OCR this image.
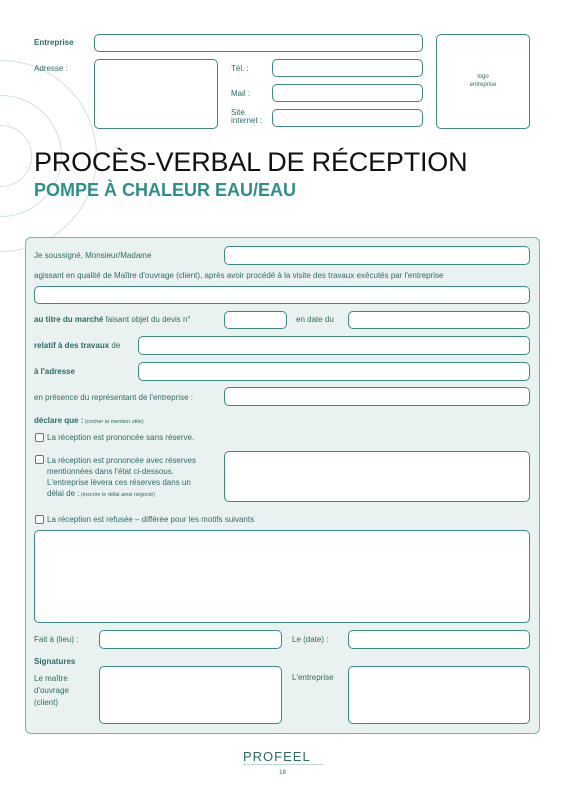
Entreprise
Adresse :	Tél. :
Mail :
Site
internet :
logo
entreprise
PROCÈS-VERBAL DE RÉCEPTION
POMPE À CHALEUR EAU/EAU
Je soussigné, Monsieur/Madame
agissant en qualité de Maître d'ouvrage (client), après avoir procédé à la visite des travaux exécutés par l'entreprise
au titre du marché faisant objet du devis n°	en date du
relatif à des travaux de
à l'adresse
en présence du représentant de l'entreprise :
déclare que : (cocher la mention utile)
La réception est prononcée sans réserve.
La réception est prononcée avec réserves
mentionnées dans l'état ci-dessous.
L'entreprise lèvera ces réserves dans un
délai de : (inscrire le délai ainsi négocié)
La réception est refusée – différée pour les motifs suivants
Fait à (lieu) :	Le (date) :
Signatures
Le maître
d'ouvrage
(client)
L'entreprise
PROFEEL
18
